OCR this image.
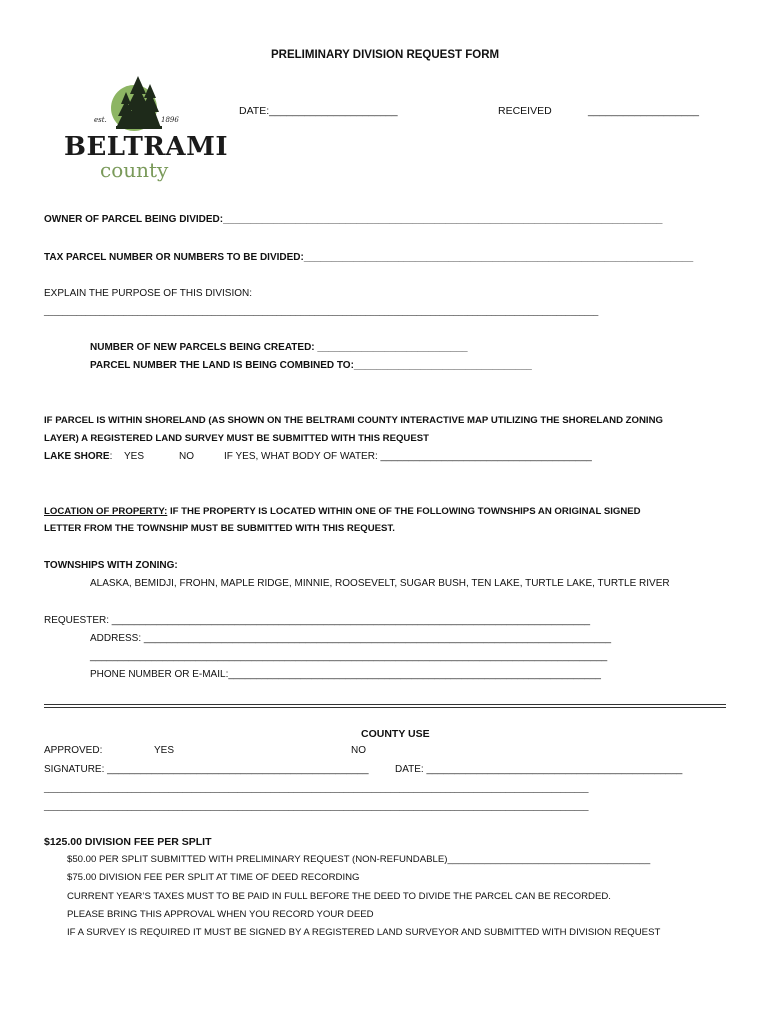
PRELIMINARY DIVISION REQUEST FORM
est.	1896
BELTRAMI
county
DATE:______________________	RECEIVED	___________________
OWNER OF PARCEL BEING DIVIDED:_______________________________________________________________________________
TAX PARCEL NUMBER OR NUMBERS TO BE DIVIDED:______________________________________________________________________
EXPLAIN THE PURPOSE OF THIS DIVISION:
_______________________________________________________________________________________________________________________
NUMBER OF NEW PARCELS BEING CREATED: ___________________________
PARCEL NUMBER THE LAND IS BEING COMBINED TO:________________________________
IF PARCEL IS WITHIN SHORELAND (AS SHOWN ON THE BELTRAMI COUNTY INTERACTIVE MAP UTILIZING THE SHORELAND ZONING
LAYER) A REGISTERED LAND SURVEY MUST BE SUBMITTED WITH THIS REQUEST
LAKE SHORE: YES	NO	IF YES, WHAT BODY OF WATER: ______________________________________
LOCATION OF PROPERTY: IF THE PROPERTY IS LOCATED WITHIN ONE OF THE FOLLOWING TOWNSHIPS AN ORIGINAL SIGNED
LETTER FROM THE TOWNSHIP MUST BE SUBMITTED WITH THIS REQUEST.
TOWNSHIPS WITH ZONING:
ALASKA, BEMIDJI, FROHN, MAPLE RIDGE, MINNIE, ROOSEVELT, SUGAR BUSH, TEN LAKE, TURTLE LAKE, TURTLE RIVER
REQUESTER: ______________________________________________________________________________________
ADDRESS: ____________________________________________________________________________________
_____________________________________________________________________________________________
PHONE NUMBER OR E-MAIL:___________________________________________________________________
COUNTY USE
APPROVED:	YES	NO
SIGNATURE: _______________________________________________	DATE: ______________________________________________
______________________________________________________________________________________________________________________
______________________________________________________________________________________________________________________
$125.00 DIVISION FEE PER SPLIT
$50.00 PER SPLIT SUBMITTED WITH PRELIMINARY REQUEST (NON-REFUNDABLE)______________________________________
$75.00 DIVISION FEE PER SPLIT AT TIME OF DEED RECORDING
CURRENT YEAR’S TAXES MUST TO BE PAID IN FULL BEFORE THE DEED TO DIVIDE THE PARCEL CAN BE RECORDED.
PLEASE BRING THIS APPROVAL WHEN YOU RECORD YOUR DEED
IF A SURVEY IS REQUIRED IT MUST BE SIGNED BY A REGISTERED LAND SURVEYOR AND SUBMITTED WITH DIVISION REQUEST
